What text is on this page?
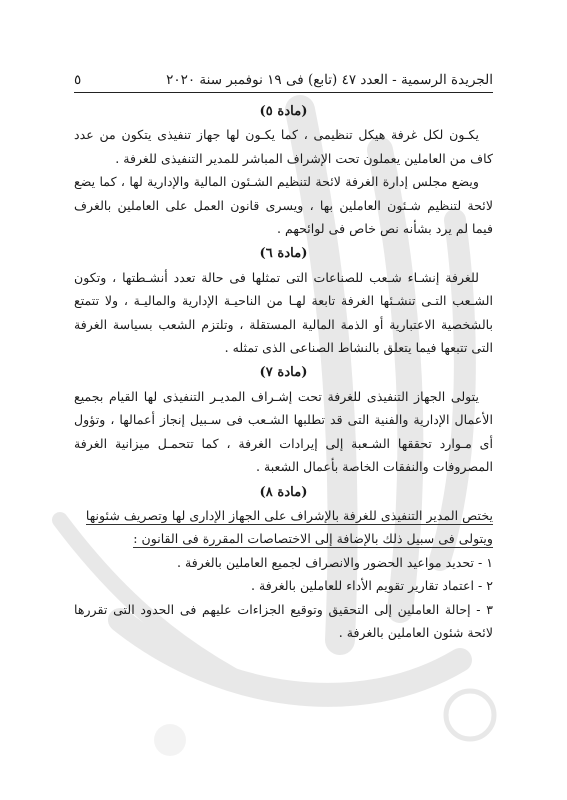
الجريدة الرسمية - العدد ٤٧ (تابع) فى ١٩ نوفمبر سنة ٢٠٢٠
٥

(مادة ٥)

يكـون لكل غرفة هيكل تنظيمى ، كما يكـون لها جهاز تنفيذى يتكون من عدد كاف من العاملين يعملون تحت الإشراف المباشر للمدير التنفيذى للغرفة .

ويضع مجلس إدارة الغرفة لائحة لتنظيم الشـئون المالية والإدارية لها ، كما يضع لائحة لتنظيم شـئون العاملين بها ، ويسرى قانون العمل على العاملين بالغرف فيما لم يرد بشأنه نص خاص فى لوائحهم .

(مادة ٦)

للغرفة إنشـاء شـعب للصناعات التى تمثلها فى حالة تعدد أنشـطتها ، وتكون الشـعب التـى تنشـئها الغرفة تابعة لهـا من الناحيـة الإدارية والماليـة ، ولا تتمتع بالشخصية الاعتبارية أو الذمة المالية المستقلة ، وتلتزم الشعب بسياسة الغرفة التى تتبعها فيما يتعلق بالنشاط الصناعى الذى تمثله .

(مادة ٧)

يتولى الجهاز التنفيذى للغرفة تحت إشـراف المديـر التنفيذى لها القيام بجميع الأعمال الإدارية والفنية التى قد تطلبها الشـعب فى سـبيل إنجاز أعمالها ، وتؤول أى مـوارد تحققها الشـعبة إلى إيرادات الغرفة ، كما تتحمـل ميزانية الغرفة المصروفات والنفقات الخاصة بأعمال الشعبة .

(مادة ٨)

يختص المدير التنفيذى للغرفة بالإشراف على الجهاز الإدارى لها وتصريف شئونها

ويتولى فى سبيل ذلك بالإضافة إلى الاختصاصات المقررة فى القانون :

١ - تحديد مواعيد الحضور والانصراف لجميع العاملين بالغرفة .

٢ - اعتماد تقارير تقويم الأداء للعاملين بالغرفة .

٣ - إحالة العاملين إلى التحقيق وتوقيع الجزاءات عليهم فى الحدود التى تقررها لائحة شئون العاملين بالغرفة .
